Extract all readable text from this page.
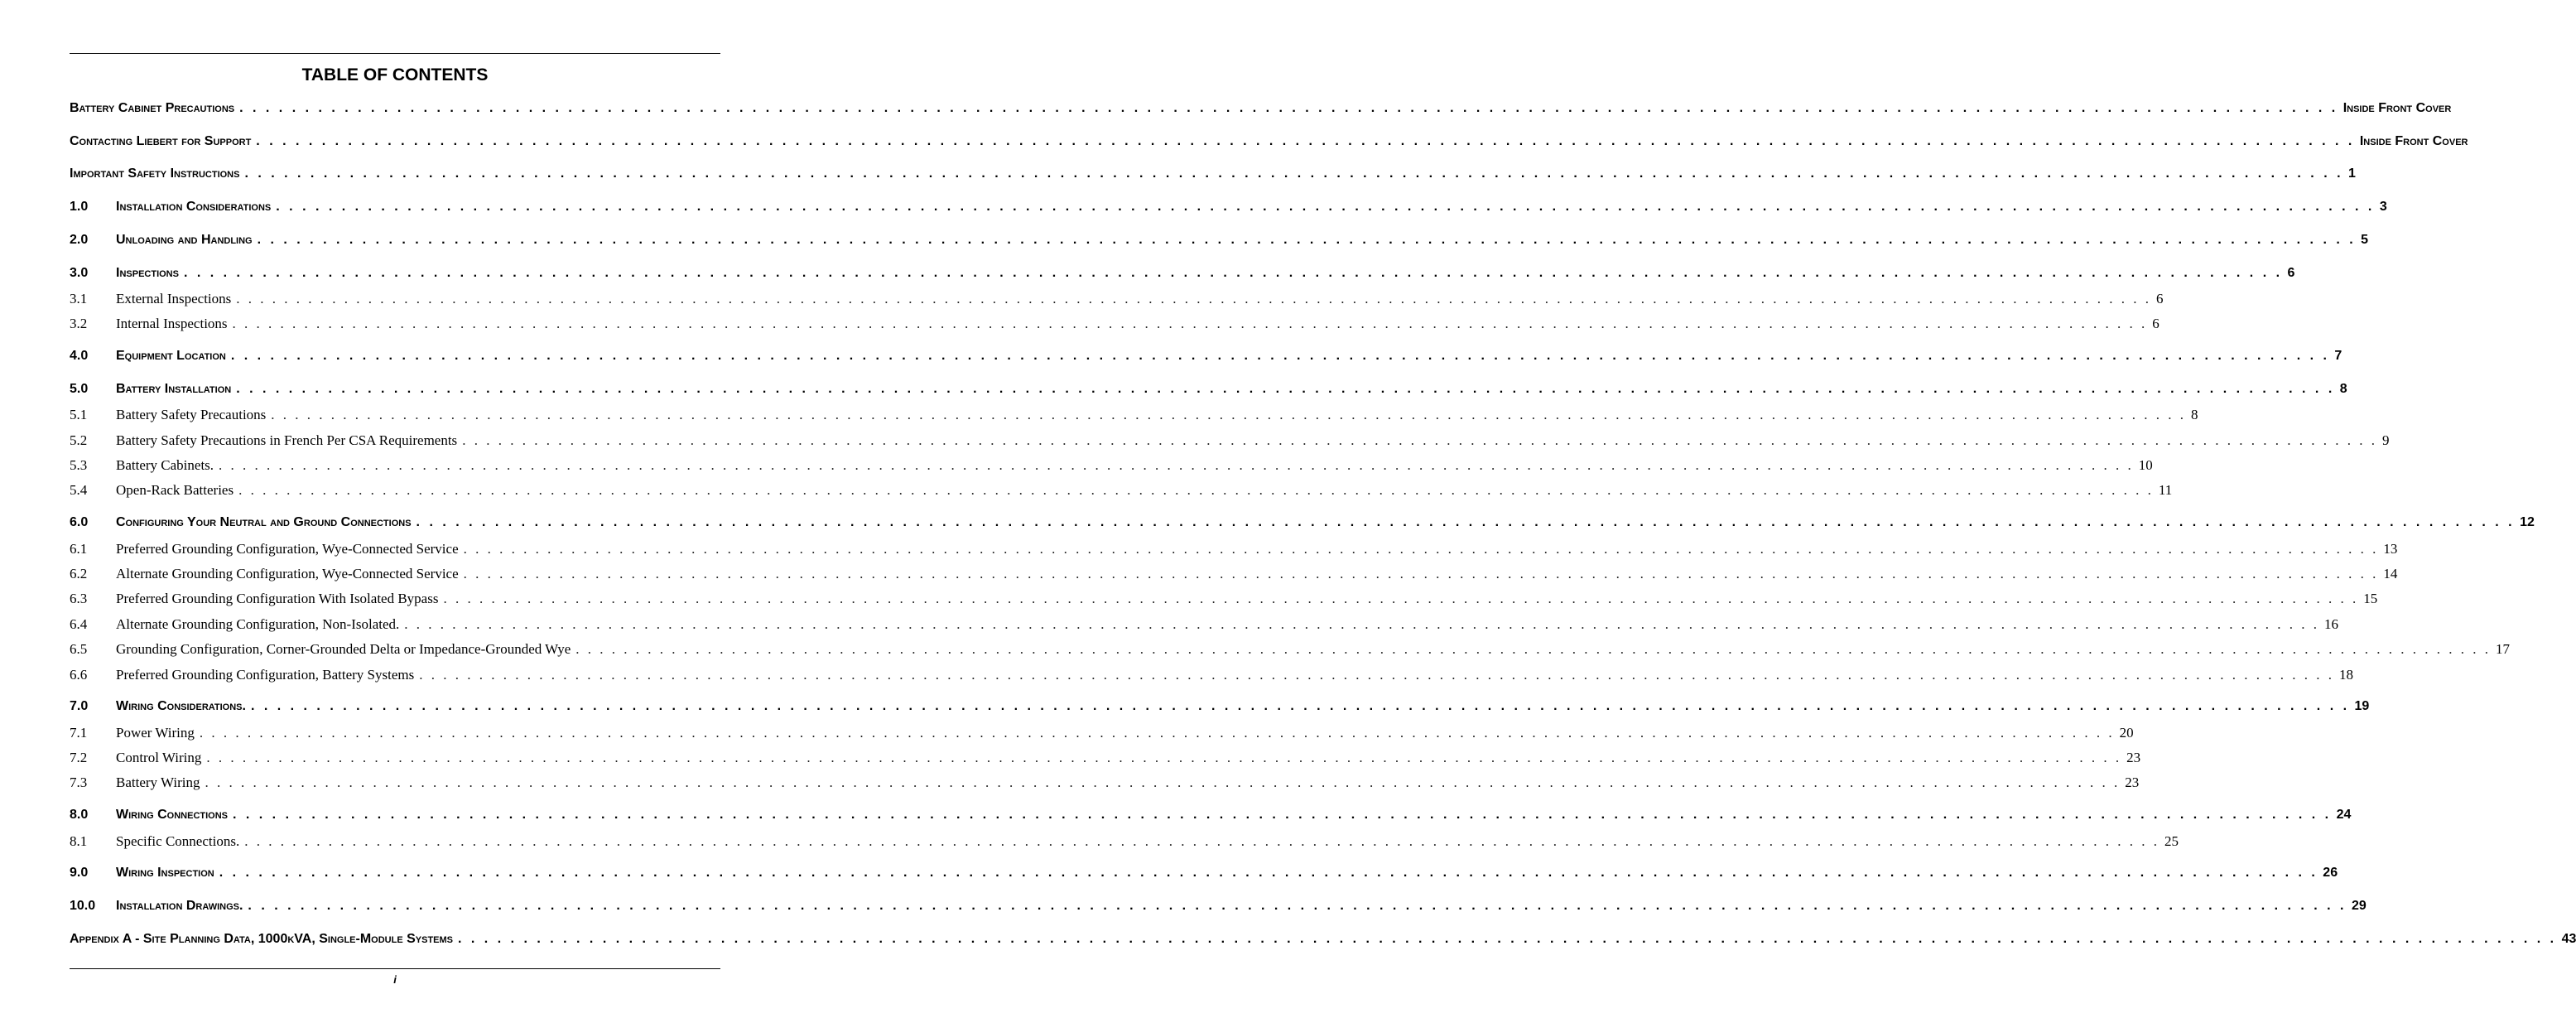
TABLE OF CONTENTS
Battery Cabinet Precautions . . . . . . . . . . . . . . . . . . . . . . . . . . . . . . . . . . . . . . . . . . . . . . . . . . . . . . . . . . . . . . . . . . . . . . . . . . . . . . . . . . . . . . . . . . . . . . . . . . . . . . . . . . . . . . . . . . . . . . . . . . . . . . . . . . . . . . . . . . . . . . . . . . . . . . . . . . . . . . . . Inside Front Cover
Contacting Liebert for Support . . . . . . . . . . . . . . . . . . . . . . . . . . . . . . . . . . . . . . . . . . . . . . . . . . . . . . . . . . . . . . . . . . . . . . . . . . . . . . . . . . . . . . . . . . . . . . . . . . . . . . . . . . . . . . . . . . . . . . . . . . . . . . . . . . . . . . . . . . . . . . . . . . . . . . . . . . . . . . . . Inside Front Cover
Important Safety Instructions . . . . . . . . . . . . . . . . . . . . . . . . . . . . . . . . . . . . . . . . . . . . . . . . . . . . . . . . . . . . . . . . . . . . . . . . . . . . . . . . . . . . . . . . . . . . . . . . . . . . . . . . . . . . . . . . . . . . . . . . . . . . . . . . . . . . . . . . . . . . . . . . . . . . . . . . . . . . . . . . 1
1.0	Installation Considerations . . . . . . . . . . . . . . . . . . . . . . . . . . . . . . . . . . . . . . . . . . . . . . . . . . . . . . . . . . . . . . . . . . . . . . . . . . . . . . . . . . . . . . . . . . . . . . . . . . . . . . . . . . . . . . . . . . . . . . . . . . . . . . . . . . . . . . . . . . . . . . . . . . . . . . . . . . . . . . . . 3
2.0	Unloading and Handling . . . . . . . . . . . . . . . . . . . . . . . . . . . . . . . . . . . . . . . . . . . . . . . . . . . . . . . . . . . . . . . . . . . . . . . . . . . . . . . . . . . . . . . . . . . . . . . . . . . . . . . . . . . . . . . . . . . . . . . . . . . . . . . . . . . . . . . . . . . . . . . . . . . . . . . . . . . . . . . . 5
3.0	Inspections . . . . . . . . . . . . . . . . . . . . . . . . . . . . . . . . . . . . . . . . . . . . . . . . . . . . . . . . . . . . . . . . . . . . . . . . . . . . . . . . . . . . . . . . . . . . . . . . . . . . . . . . . . . . . . . . . . . . . . . . . . . . . . . . . . . . . . . . . . . . . . . . . . . . . . . . . . . . . . . . 6
3.1	External Inspections . . . . . . . . . . . . . . . . . . . . . . . . . . . . . . . . . . . . . . . . . . . . . . . . . . . . . . . . . . . . . . . . . . . . . . . . . . . . . . . . . . . . . . . . . . . . . . . . . . . . . . . . . . . . . . . . . . . . . . . . . . . . . . . . . . . . . . . . . . . . . . . . . . . . . . . . . . . . . . . . 6
3.2	Internal Inspections . . . . . . . . . . . . . . . . . . . . . . . . . . . . . . . . . . . . . . . . . . . . . . . . . . . . . . . . . . . . . . . . . . . . . . . . . . . . . . . . . . . . . . . . . . . . . . . . . . . . . . . . . . . . . . . . . . . . . . . . . . . . . . . . . . . . . . . . . . . . . . . . . . . . . . . . . . . . . . . . 6
4.0	Equipment Location . . . . . . . . . . . . . . . . . . . . . . . . . . . . . . . . . . . . . . . . . . . . . . . . . . . . . . . . . . . . . . . . . . . . . . . . . . . . . . . . . . . . . . . . . . . . . . . . . . . . . . . . . . . . . . . . . . . . . . . . . . . . . . . . . . . . . . . . . . . . . . . . . . . . . . . . . . . . . . . . 7
5.0	Battery Installation . . . . . . . . . . . . . . . . . . . . . . . . . . . . . . . . . . . . . . . . . . . . . . . . . . . . . . . . . . . . . . . . . . . . . . . . . . . . . . . . . . . . . . . . . . . . . . . . . . . . . . . . . . . . . . . . . . . . . . . . . . . . . . . . . . . . . . . . . . . . . . . . . . . . . . . . . . . . . . . . 8
5.1	Battery Safety Precautions . . . . . . . . . . . . . . . . . . . . . . . . . . . . . . . . . . . . . . . . . . . . . . . . . . . . . . . . . . . . . . . . . . . . . . . . . . . . . . . . . . . . . . . . . . . . . . . . . . . . . . . . . . . . . . . . . . . . . . . . . . . . . . . . . . . . . . . . . . . . . . . . . . . . . . . . . . . . . . . . 8
5.2	Battery Safety Precautions in French Per CSA Requirements . . . . . . . . . . . . . . . . . . . . . . . . . . . . . . . . . . . . . . . . . . . . . . . . . . . . . . . . . . . . . . . . . . . . . . . . . . . . . . . . . . . . . . . . . . . . . . . . . . . . . . . . . . . . . . . . . . . . . . . . . . . . . . . . . . . . . . . . . . . . . . . . . . . . . . . . . . . . . . . . 9
5.3	Battery Cabinets. . . . . . . . . . . . . . . . . . . . . . . . . . . . . . . . . . . . . . . . . . . . . . . . . . . . . . . . . . . . . . . . . . . . . . . . . . . . . . . . . . . . . . . . . . . . . . . . . . . . . . . . . . . . . . . . . . . . . . . . . . . . . . . . . . . . . . . . . . . . . . . . . . . . . . . . . . . . . . . . . 10
5.4	Open-Rack Batteries . . . . . . . . . . . . . . . . . . . . . . . . . . . . . . . . . . . . . . . . . . . . . . . . . . . . . . . . . . . . . . . . . . . . . . . . . . . . . . . . . . . . . . . . . . . . . . . . . . . . . . . . . . . . . . . . . . . . . . . . . . . . . . . . . . . . . . . . . . . . . . . . . . . . . . . . . . . . . . . . 11
6.0	Configuring Your Neutral and Ground Connections . . . . . . . . . . . . . . . . . . . . . . . . . . . . . . . . . . . . . . . . . . . . . . . . . . . . . . . . . . . . . . . . . . . . . . . . . . . . . . . . . . . . . . . . . . . . . . . . . . . . . . . . . . . . . . . . . . . . . . . . . . . . . . . . . . . . . . . . . . . . . . . . . . . . . . . . . . . . . . . . 12
6.1	Preferred Grounding Configuration, Wye-Connected Service . . . . . . . . . . . . . . . . . . . . . . . . . . . . . . . . . . . . . . . . . . . . . . . . . . . . . . . . . . . . . . . . . . . . . . . . . . . . . . . . . . . . . . . . . . . . . . . . . . . . . . . . . . . . . . . . . . . . . . . . . . . . . . . . . . . . . . . . . . . . . . . . . . . . . . . . . . . . . . . . 13
6.2	Alternate Grounding Configuration, Wye-Connected Service . . . . . . . . . . . . . . . . . . . . . . . . . . . . . . . . . . . . . . . . . . . . . . . . . . . . . . . . . . . . . . . . . . . . . . . . . . . . . . . . . . . . . . . . . . . . . . . . . . . . . . . . . . . . . . . . . . . . . . . . . . . . . . . . . . . . . . . . . . . . . . . . . . . . . . . . . . . . . . . . 14
6.3	Preferred Grounding Configuration With Isolated Bypass . . . . . . . . . . . . . . . . . . . . . . . . . . . . . . . . . . . . . . . . . . . . . . . . . . . . . . . . . . . . . . . . . . . . . . . . . . . . . . . . . . . . . . . . . . . . . . . . . . . . . . . . . . . . . . . . . . . . . . . . . . . . . . . . . . . . . . . . . . . . . . . . . . . . . . . . . . . . . . . . 15
6.4	Alternate Grounding Configuration, Non-Isolated. . . . . . . . . . . . . . . . . . . . . . . . . . . . . . . . . . . . . . . . . . . . . . . . . . . . . . . . . . . . . . . . . . . . . . . . . . . . . . . . . . . . . . . . . . . . . . . . . . . . . . . . . . . . . . . . . . . . . . . . . . . . . . . . . . . . . . . . . . . . . . . . . . . . . . . . . . . . . . . . . 16
6.5	Grounding Configuration, Corner-Grounded Delta or Impedance-Grounded Wye . . . . . . . . . . . . . . . . . . . . . . . . . . . . . . . . . . . . . . . . . . . . . . . . . . . . . . . . . . . . . . . . . . . . . . . . . . . . . . . . . . . . . . . . . . . . . . . . . . . . . . . . . . . . . . . . . . . . . . . . . . . . . . . . . . . . . . . . . . . . . . . . . . . . . . . . . . . . . . . . 17
6.6	Preferred Grounding Configuration, Battery Systems . . . . . . . . . . . . . . . . . . . . . . . . . . . . . . . . . . . . . . . . . . . . . . . . . . . . . . . . . . . . . . . . . . . . . . . . . . . . . . . . . . . . . . . . . . . . . . . . . . . . . . . . . . . . . . . . . . . . . . . . . . . . . . . . . . . . . . . . . . . . . . . . . . . . . . . . . . . . . . . . 18
7.0	Wiring Considerations. . . . . . . . . . . . . . . . . . . . . . . . . . . . . . . . . . . . . . . . . . . . . . . . . . . . . . . . . . . . . . . . . . . . . . . . . . . . . . . . . . . . . . . . . . . . . . . . . . . . . . . . . . . . . . . . . . . . . . . . . . . . . . . . . . . . . . . . . . . . . . . . . . . . . . . . . . . . . . . . . 19
7.1	Power Wiring . . . . . . . . . . . . . . . . . . . . . . . . . . . . . . . . . . . . . . . . . . . . . . . . . . . . . . . . . . . . . . . . . . . . . . . . . . . . . . . . . . . . . . . . . . . . . . . . . . . . . . . . . . . . . . . . . . . . . . . . . . . . . . . . . . . . . . . . . . . . . . . . . . . . . . . . . . . . . . . . 20
7.2	Control Wiring . . . . . . . . . . . . . . . . . . . . . . . . . . . . . . . . . . . . . . . . . . . . . . . . . . . . . . . . . . . . . . . . . . . . . . . . . . . . . . . . . . . . . . . . . . . . . . . . . . . . . . . . . . . . . . . . . . . . . . . . . . . . . . . . . . . . . . . . . . . . . . . . . . . . . . . . . . . . . . . . 23
7.3	Battery Wiring . . . . . . . . . . . . . . . . . . . . . . . . . . . . . . . . . . . . . . . . . . . . . . . . . . . . . . . . . . . . . . . . . . . . . . . . . . . . . . . . . . . . . . . . . . . . . . . . . . . . . . . . . . . . . . . . . . . . . . . . . . . . . . . . . . . . . . . . . . . . . . . . . . . . . . . . . . . . . . . . 23
8.0	Wiring Connections . . . . . . . . . . . . . . . . . . . . . . . . . . . . . . . . . . . . . . . . . . . . . . . . . . . . . . . . . . . . . . . . . . . . . . . . . . . . . . . . . . . . . . . . . . . . . . . . . . . . . . . . . . . . . . . . . . . . . . . . . . . . . . . . . . . . . . . . . . . . . . . . . . . . . . . . . . . . . . . . 24
8.1	Specific Connections. . . . . . . . . . . . . . . . . . . . . . . . . . . . . . . . . . . . . . . . . . . . . . . . . . . . . . . . . . . . . . . . . . . . . . . . . . . . . . . . . . . . . . . . . . . . . . . . . . . . . . . . . . . . . . . . . . . . . . . . . . . . . . . . . . . . . . . . . . . . . . . . . . . . . . . . . . . . . . . . . 25
9.0	Wiring Inspection . . . . . . . . . . . . . . . . . . . . . . . . . . . . . . . . . . . . . . . . . . . . . . . . . . . . . . . . . . . . . . . . . . . . . . . . . . . . . . . . . . . . . . . . . . . . . . . . . . . . . . . . . . . . . . . . . . . . . . . . . . . . . . . . . . . . . . . . . . . . . . . . . . . . . . . . . . . . . . . . 26
10.0	Installation Drawings. . . . . . . . . . . . . . . . . . . . . . . . . . . . . . . . . . . . . . . . . . . . . . . . . . . . . . . . . . . . . . . . . . . . . . . . . . . . . . . . . . . . . . . . . . . . . . . . . . . . . . . . . . . . . . . . . . . . . . . . . . . . . . . . . . . . . . . . . . . . . . . . . . . . . . . . . . . . . . . . . 29
Appendix A - Site Planning Data, 1000kVA, Single-Module Systems . . . . . . . . . . . . . . . . . . . . . . . . . . . . . . . . . . . . . . . . . . . . . . . . . . . . . . . . . . . . . . . . . . . . . . . . . . . . . . . . . . . . . . . . . . . . . . . . . . . . . . . . . . . . . . . . . . . . . . . . . . . . . . . . . . . . . . . . . . . . . . . . . . . . . . . . . . . . . . . . 43
i
